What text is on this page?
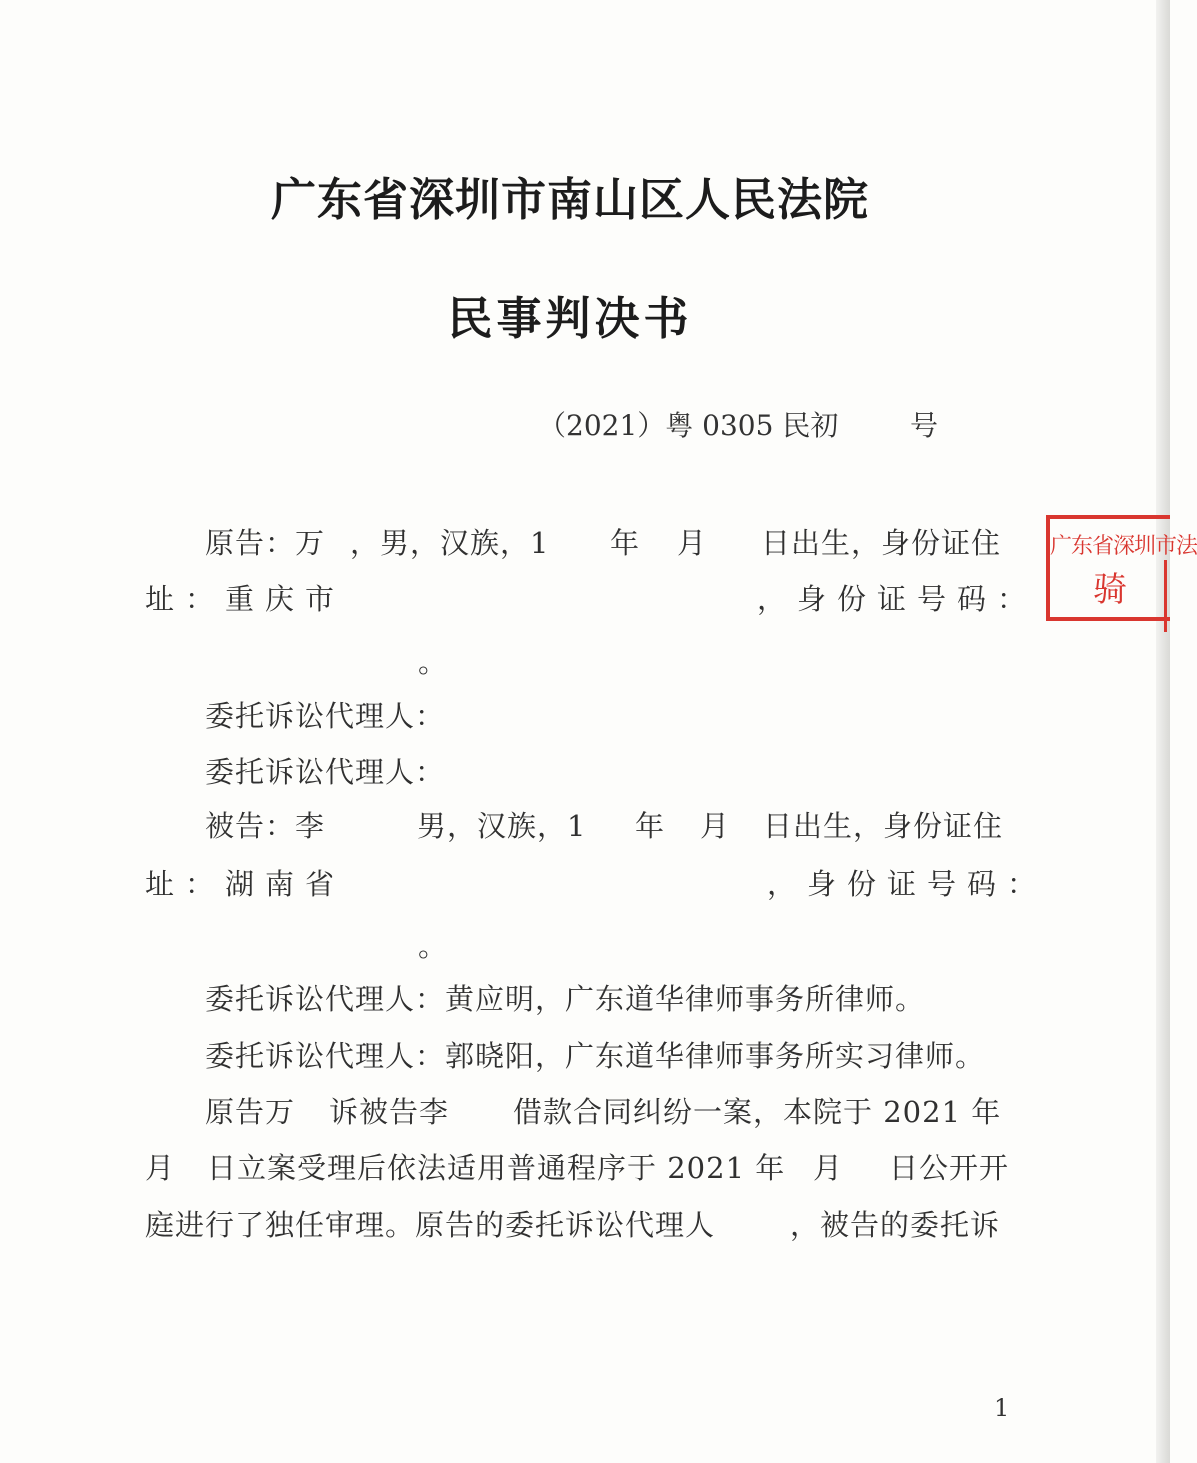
广东省深圳市南山区人民法院
民事判决书
（2021）粤 0305 民初	号
原告：万 ，男，汉族，1 年 月 日出生，身份证住
址：重庆市	，身份证号码：
。
委托诉讼代理人：
委托诉讼代理人：
被告：李	男，汉族，1 年 月 日出生，身份证住
址：湖南省	，身份证号码：
。
委托诉讼代理人：黄应明，广东道华律师事务所律师。
委托诉讼代理人：郭晓阳，广东道华律师事务所实习律师。
原告万 诉被告李 借款合同纠纷一案，本院于 2021 年
月 日立案受理后依法适用普通程序于 2021 年 月 日公开开
庭进行了独任审理。原告的委托诉讼代理人	，被告的委托诉
广东省深圳市法
骑
1
